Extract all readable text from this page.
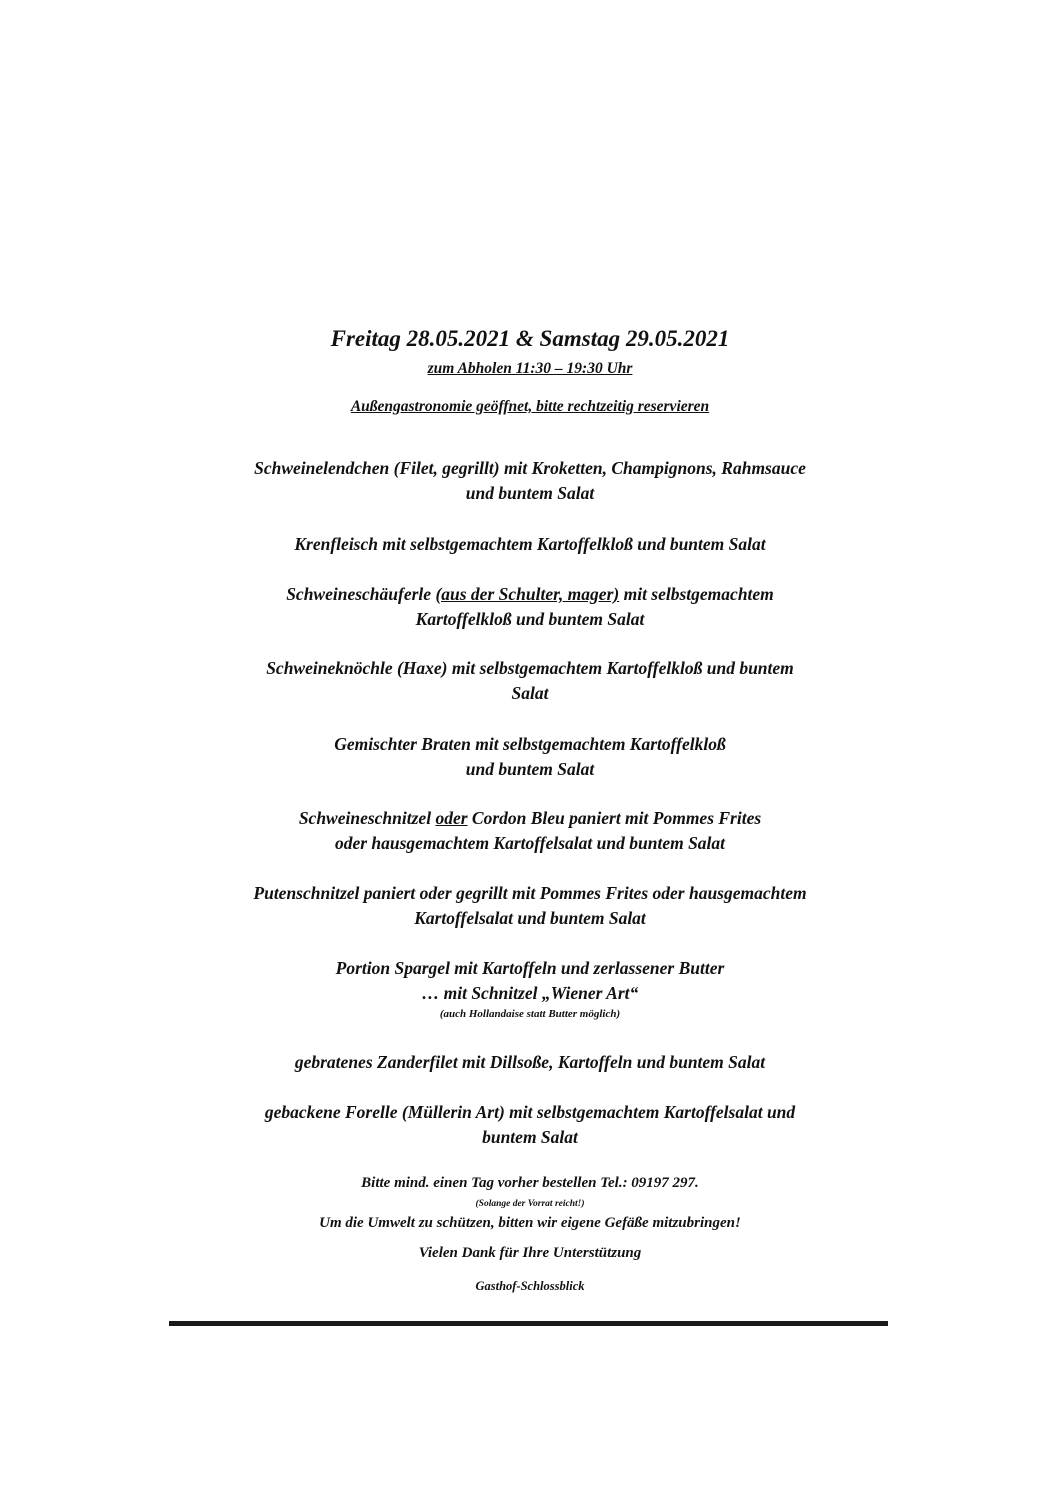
Freitag 28.05.2021 & Samstag 29.05.2021
zum Abholen 11:30 – 19:30 Uhr
Außengastronomie geöffnet, bitte rechtzeitig reservieren
Schweinelendchen (Filet, gegrillt) mit Kroketten, Champignons, Rahmsauce
und buntem Salat
Krenfleisch mit selbstgemachtem Kartoffelkloß und buntem Salat
Schweineschäuferle (aus der Schulter, mager) mit selbstgemachtem
Kartoffelkloß und buntem Salat
Schweineknöchle (Haxe) mit selbstgemachtem Kartoffelkloß und buntem
Salat
Gemischter Braten mit selbstgemachtem Kartoffelkloß
und buntem Salat
Schweineschnitzel oder Cordon Bleu paniert mit Pommes Frites
oder hausgemachtem Kartoffelsalat und buntem Salat
Putenschnitzel paniert oder gegrillt mit Pommes Frites oder hausgemachtem
Kartoffelsalat und buntem Salat
Portion Spargel mit Kartoffeln und zerlassener Butter
… mit Schnitzel „Wiener Art“
(auch Hollandaise statt Butter möglich)
gebratenes Zanderfilet mit Dillsoße, Kartoffeln und buntem Salat
gebackene Forelle (Müllerin Art) mit selbstgemachtem Kartoffelsalat und
buntem Salat
Bitte mind. einen Tag vorher bestellen Tel.: 09197 297.
(Solange der Vorrat reicht!)
Um die Umwelt zu schützen, bitten wir eigene Gefäße mitzubringen!
Vielen Dank für Ihre Unterstützung
Gasthof-Schlossblick
